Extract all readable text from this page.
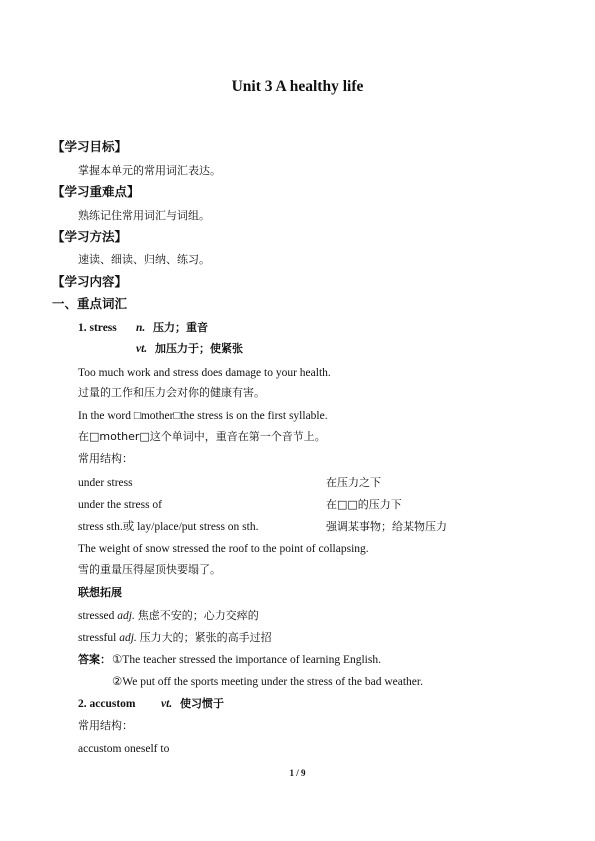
Unit 3 A healthy life
【学习目标】
掌握本单元的常用词汇表达。
【学习重难点】
熟练记住常用词汇与词组。
【学习方法】
速读、细读、归纳、练习。
【学习内容】
一、重点词汇
1. stress n. 压力；重音
vt. 加压力于；使紧张
Too much work and stress does damage to your health.
过量的工作和压力会对你的健康有害。
In the word □mother□the stress is on the first syllable.
在□mother□这个单词中，重音在第一个音节上。
常用结构：
under stress	在压力之下
under the stress of	在□□的压力下
stress sth.或 lay/place/put stress on sth.	强调某事物；给某物压力
The weight of snow stressed the roof to the point of collapsing.
雪的重量压得屋顶快要塌了。
联想拓展
stressed adj. 焦虑不安的；心力交瘁的
stressful adj. 压力大的；紧张的高手过招
答案： ①The teacher stressed the importance of learning English.
②We put off the sports meeting under the stress of the bad weather.
2. accustom vt. 使习惯于
常用结构：
accustom oneself to
1 / 9
